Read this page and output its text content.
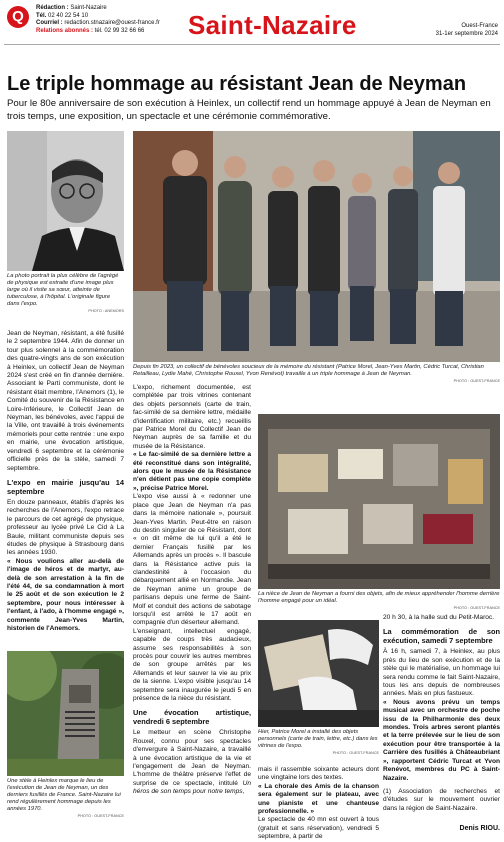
Q	Rédaction : Saint-Nazaire
Tél. 02 40 22 54 10
Courriel : redaction.stnazaire@ouest-france.fr
Relations abonnés : tél. 02 99 32 66 66	Saint-Nazaire	Ouest-France
31-1er septembre 2024
Le triple hommage au résistant Jean de Neyman
Pour le 80e anniversaire de son exécution à Heinlex, un collectif rend un hommage appuyé à Jean de Neyman en trois temps, une exposition, un spectacle et une cérémonie commémorative.
La photo portrait la plus célèbre de l'agrégé de physique est extraite d'une image plus large où il visite sa sœur, atteinte de tuberculose, à l'hôpital. L'originale figure dans l'expo.
PHOTO : ANEMORS
Depuis fin 2023, un collectif de bénévoles soucieux de la mémoire du résistant (Patrice Morel, Jean-Yves Martin, Cédric Turcat, Christian Retailleau, Lydie Mahé, Christophe Rouxel, Yvon Renévot) travaille à un triple hommage à Jean de Neyman.
PHOTO : OUEST-FRANCE

Jean de Neyman, résistant, a été fusillé le 2 septembre 1944. Afin de donner un tour plus solennel à la commémoration des quatre-vingts ans de son exécution à Heinlex, un collectif Jean de Neyman 2024 s'est créé en fin d'année dernière. Associant le Parti communiste, dont le résistant était membre, l'Anemors (1), le Comité du souvenir de la Résistance en Loire-Inférieure, le Collectif Jean de Neyman, les bénévoles, avec l'appui de la Ville, ont travaillé à trois événements mémoriels pour cette rentrée : une expo en mairie, une évocation artistique, vendredi 6 septembre et la cérémonie officielle près de la stèle, samedi 7 septembre.

L'expo en mairie jusqu'au 14 septembre

En douze panneaux, établis d'après les recherches de l'Anemors, l'expo retrace le parcours de cet agrégé de physique, professeur au lycée privé Le Cid à La Baule, militant communiste depuis ses études de physique à Strasbourg dans les années 1930.

« Nous voulions aller au-delà de l'image de héros et de martyr, au-delà de son arrestation à la fin de l'été 44, de sa condamnation à mort le 25 août et de son exécution le 2 septembre, pour nous intéresser à l'enfant, à l'ado, à l'homme engagé », commente Jean-Yves Martin, historien de l'Anemors.

Une stèle à Heinlex marque le lieu de l'exécution de Jean de Neyman, un des derniers fusillés de France. Saint-Nazaire lui rend régulièrement hommage depuis les années 1970.
PHOTO : OUEST-FRANCE

L'expo, richement documentée, est complétée par trois vitrines contenant des objets personnels (carte de train, fac-similé de sa dernière lettre, médaille d'identification militaire, etc.) recueillis par Patrice Morel du Collectif Jean de Neyman auprès de sa famille et du musée de la Résistance.

« Le fac-similé de sa dernière lettre a été reconstitué dans son intégralité, alors que le musée de la Résistance n'en détient pas une copie complète », précise Patrice Morel.

L'expo vise aussi à « redonner une place que Jean de Neyman n'a pas dans la mémoire nationale », poursuit Jean-Yves Martin. Peut-être en raison du destin singulier de ce Résistant, dont « on dit même de lui qu'il a été le dernier Français fusillé par les Allemands après un procès ». Il bascule dans la Résistance active puis la clandestinité à l'occasion du débarquement allié en Normandie. Jean de Neyman anime un groupe de partisans depuis une ferme de Saint-Molf et conduit des actions de sabotage lorsqu'il est arrêté le 17 août en compagnie d'un déserteur allemand.

L'enseignant, intellectuel engagé, capable de coups très audacieux, assume ses responsabilités à son procès pour couvrir les autres membres de son groupe arrêtés par les Allemands et leur sauver la vie au prix de la sienne. L'expo visible jusqu'au 14 septembre sera inaugurée le jeudi 5 en présence de la nièce du résistant.

Une évocation artistique, vendredi 6 septembre

Le metteur en scène Christophe Rouxel, connu pour ses spectacles d'envergure à Saint-Nazaire, a travaillé à une évocation artistique de la vie et l'engagement de Jean de Neyman. L'homme de théâtre préserve l'effet de surprise de ce spectacle, intitulé Un héros de son temps pour notre temps,

La nièce de Jean de Neyman a fourni des objets, afin de mieux appréhender l'homme derrière l'homme engagé pour un idéal.
PHOTO : OUEST-FRANCE
Hier, Patrice Morel a installé des objets personnels (carte de train, lettre, etc.) dans les vitrines de l'expo.
PHOTO : OUEST-FRANCE

mais il rassemble soixante acteurs dont une vingtaine lors des textes.

« La chorale des Amis de la chanson sera également sur le plateau, avec une pianiste et une chanteuse professionnelle. »

Le spectacle de 40 mn est ouvert à tous (gratuit et sans réservation), vendredi 5 septembre, à partir de

20 h 30, à la halle sud du Petit-Maroc.

La commémoration de son exécution, samedi 7 septembre

À 16 h, samedi 7, à Heinlex, au plus près du lieu de son exécution et de la stèle qui le matérialise, un hommage lui sera rendu comme le fait Saint-Nazaire, tous les ans depuis de nombreuses années. Mais en plus fastueux.

« Nous avons prévu un temps musical avec un orchestre de poche issu de la Philharmonie des deux mondes. Trois arbres seront plantés et la terre prélevée sur le lieu de son exécution pour être transportée à la Carrière des fusillés à Châteaubriant », rapportent Cédric Turcat et Yvon Renévot, membres du PC à Saint-Nazaire.

(1) Association de recherches et d'études sur le mouvement ouvrier dans la région de Saint-Nazaire.

Denis RIOU.
